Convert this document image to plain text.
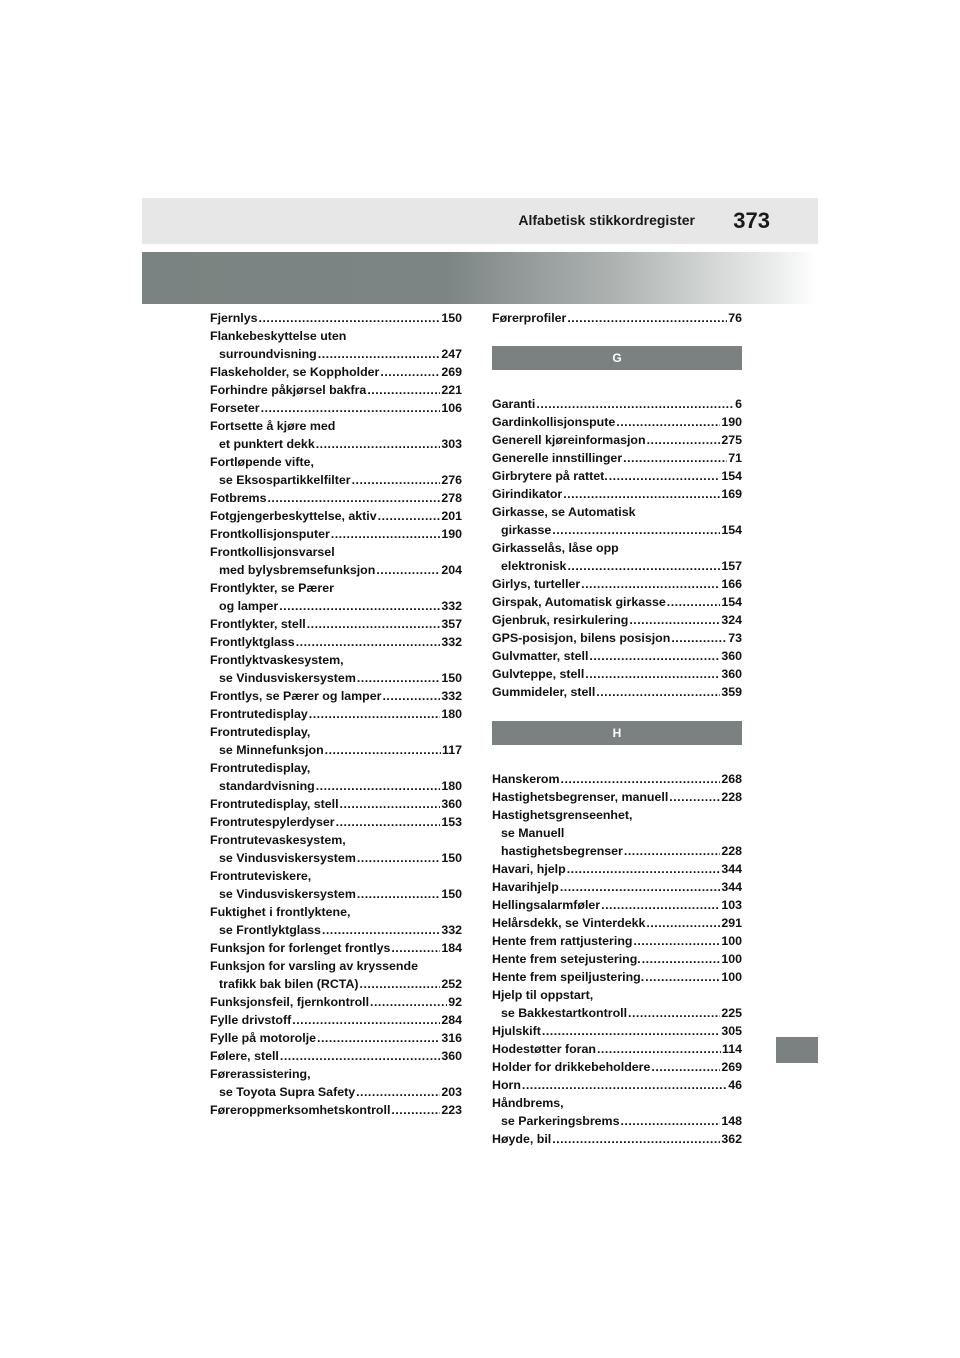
Alfabetisk stikkordregister 373
Fjernlys .....	150
Flankebeskyttelse uten
surroundvisning .....	247
Flaskeholder, se Koppholder .....	269
Forhindre påkjørsel bakfra .....	221
Forseter .....	106
Fortsette å kjøre med
et punktert dekk .....	303
Fortløpende vifte,
se Eksospartikkelfilter .....	276
Fotbrems .....	278
Fotgjengerbeskyttelse, aktiv .....	201
Frontkollisjonsputer .....	190
Frontkollisjonsvarsel
med bylysbremsefunksjon .....	204
Frontlykter, se Pærer
og lamper .....	332
Frontlykter, stell .....	357
Frontlyktglass .....	332
Frontlyktvaskesystem,
se Vindusviskersystem .....	150
Frontlys, se Pærer og lamper .....	332
Frontrutedisplay .....	180
Frontrutedisplay,
se Minnefunksjon .....	117
Frontrutedisplay,
standardvisning .....	180
Frontrutedisplay, stell .....	360
Frontrutespylerdyser .....	153
Frontrutevaskesystem,
se Vindusviskersystem .....	150
Frontruteviskere,
se Vindusviskersystem .....	150
Fuktighet i frontlyktene,
se Frontlyktglass .....	332
Funksjon for forlenget frontlys .....	184
Funksjon for varsling av kryssende
trafikk bak bilen (RCTA) .....	252
Funksjonsfeil, fjernkontroll .....	92
Fylle drivstoff .....	284
Fylle på motorolje .....	316
Følere, stell .....	360
Førerassistering,
se Toyota Supra Safety .....	203
Føreroppmerksomhetskontroll .....	223
Førerprofiler .....	76
G
Garanti .....	6
Gardinkollisjonspute .....	190
Generell kjøreinformasjon .....	275
Generelle innstillinger .....	71
Girbrytere på rattet. .....	154
Girindikator .....	169
Girkasse, se Automatisk
girkasse .....	154
Girkasselås, låse opp
elektronisk .....	157
Girlys, turteller .....	166
Girspak, Automatisk girkasse .....	154
Gjenbruk, resirkulering .....	324
GPS-posisjon, bilens posisjon .....	73
Gulvmatter, stell .....	360
Gulvteppe, stell .....	360
Gummideler, stell .....	359
H
Hanskerom .....	268
Hastighetsbegrenser, manuell .....	228
Hastighetsgrenseenhet,
se Manuell
hastighetsbegrenser .....	228
Havari, hjelp .....	344
Havarihjelp .....	344
Hellingsalarmføler .....	103
Helårsdekk, se Vinterdekk .....	291
Hente frem rattjustering .....	100
Hente frem setejustering. .....	100
Hente frem speiljustering. .....	100
Hjelp til oppstart,
se Bakkestartkontroll .....	225
Hjulskift .....	305
Hodestøtter foran .....	114
Holder for drikkebeholdere .....	269
Horn .....	46
Håndbrems,
se Parkeringsbrems .....	148
Høyde, bil .....	362
